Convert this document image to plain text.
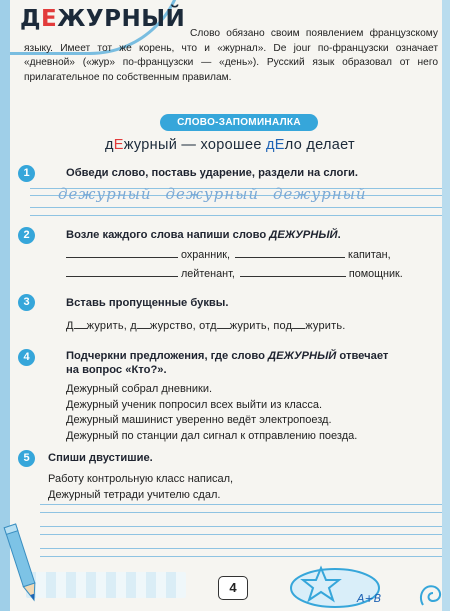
ДЕЖУРНЫЙ
Слово обязано своим появлением французскому языку. Имеет тот же корень, что и «журнал». De jour по-французски означает «дневной» («жур» по-французски — «день»). Русский язык образовал от него прилагательное по собственным правилам.
СЛОВО-ЗАПОМИНАЛКА
дЕжурный — хорошее дЕло делает
1	Обведи слово, поставь ударение, раздели на слоги.
дежурный дежурный дежурный
2	Возле каждого слова напиши слово ДЕЖУРНЫЙ.
охранник,	капитан,
лейтенант,	помощник.
3	Вставь пропущенные буквы.
Д журить, д журство, отд журить, под журить.
4	Подчеркни предложения, где слово ДЕЖУРНЫЙ отвечает
на вопрос «Кто?».
Дежурный собрал дневники.
Дежурный ученик попросил всех выйти из класса.
Дежурный машинист уверенно ведёт электропоезд.
Дежурный по станции дал сигнал к отправлению поезда.
5	Спиши двустишие.
Работу контрольную класс написал,
Дежурный тетради учителю сдал.
4
A+B
